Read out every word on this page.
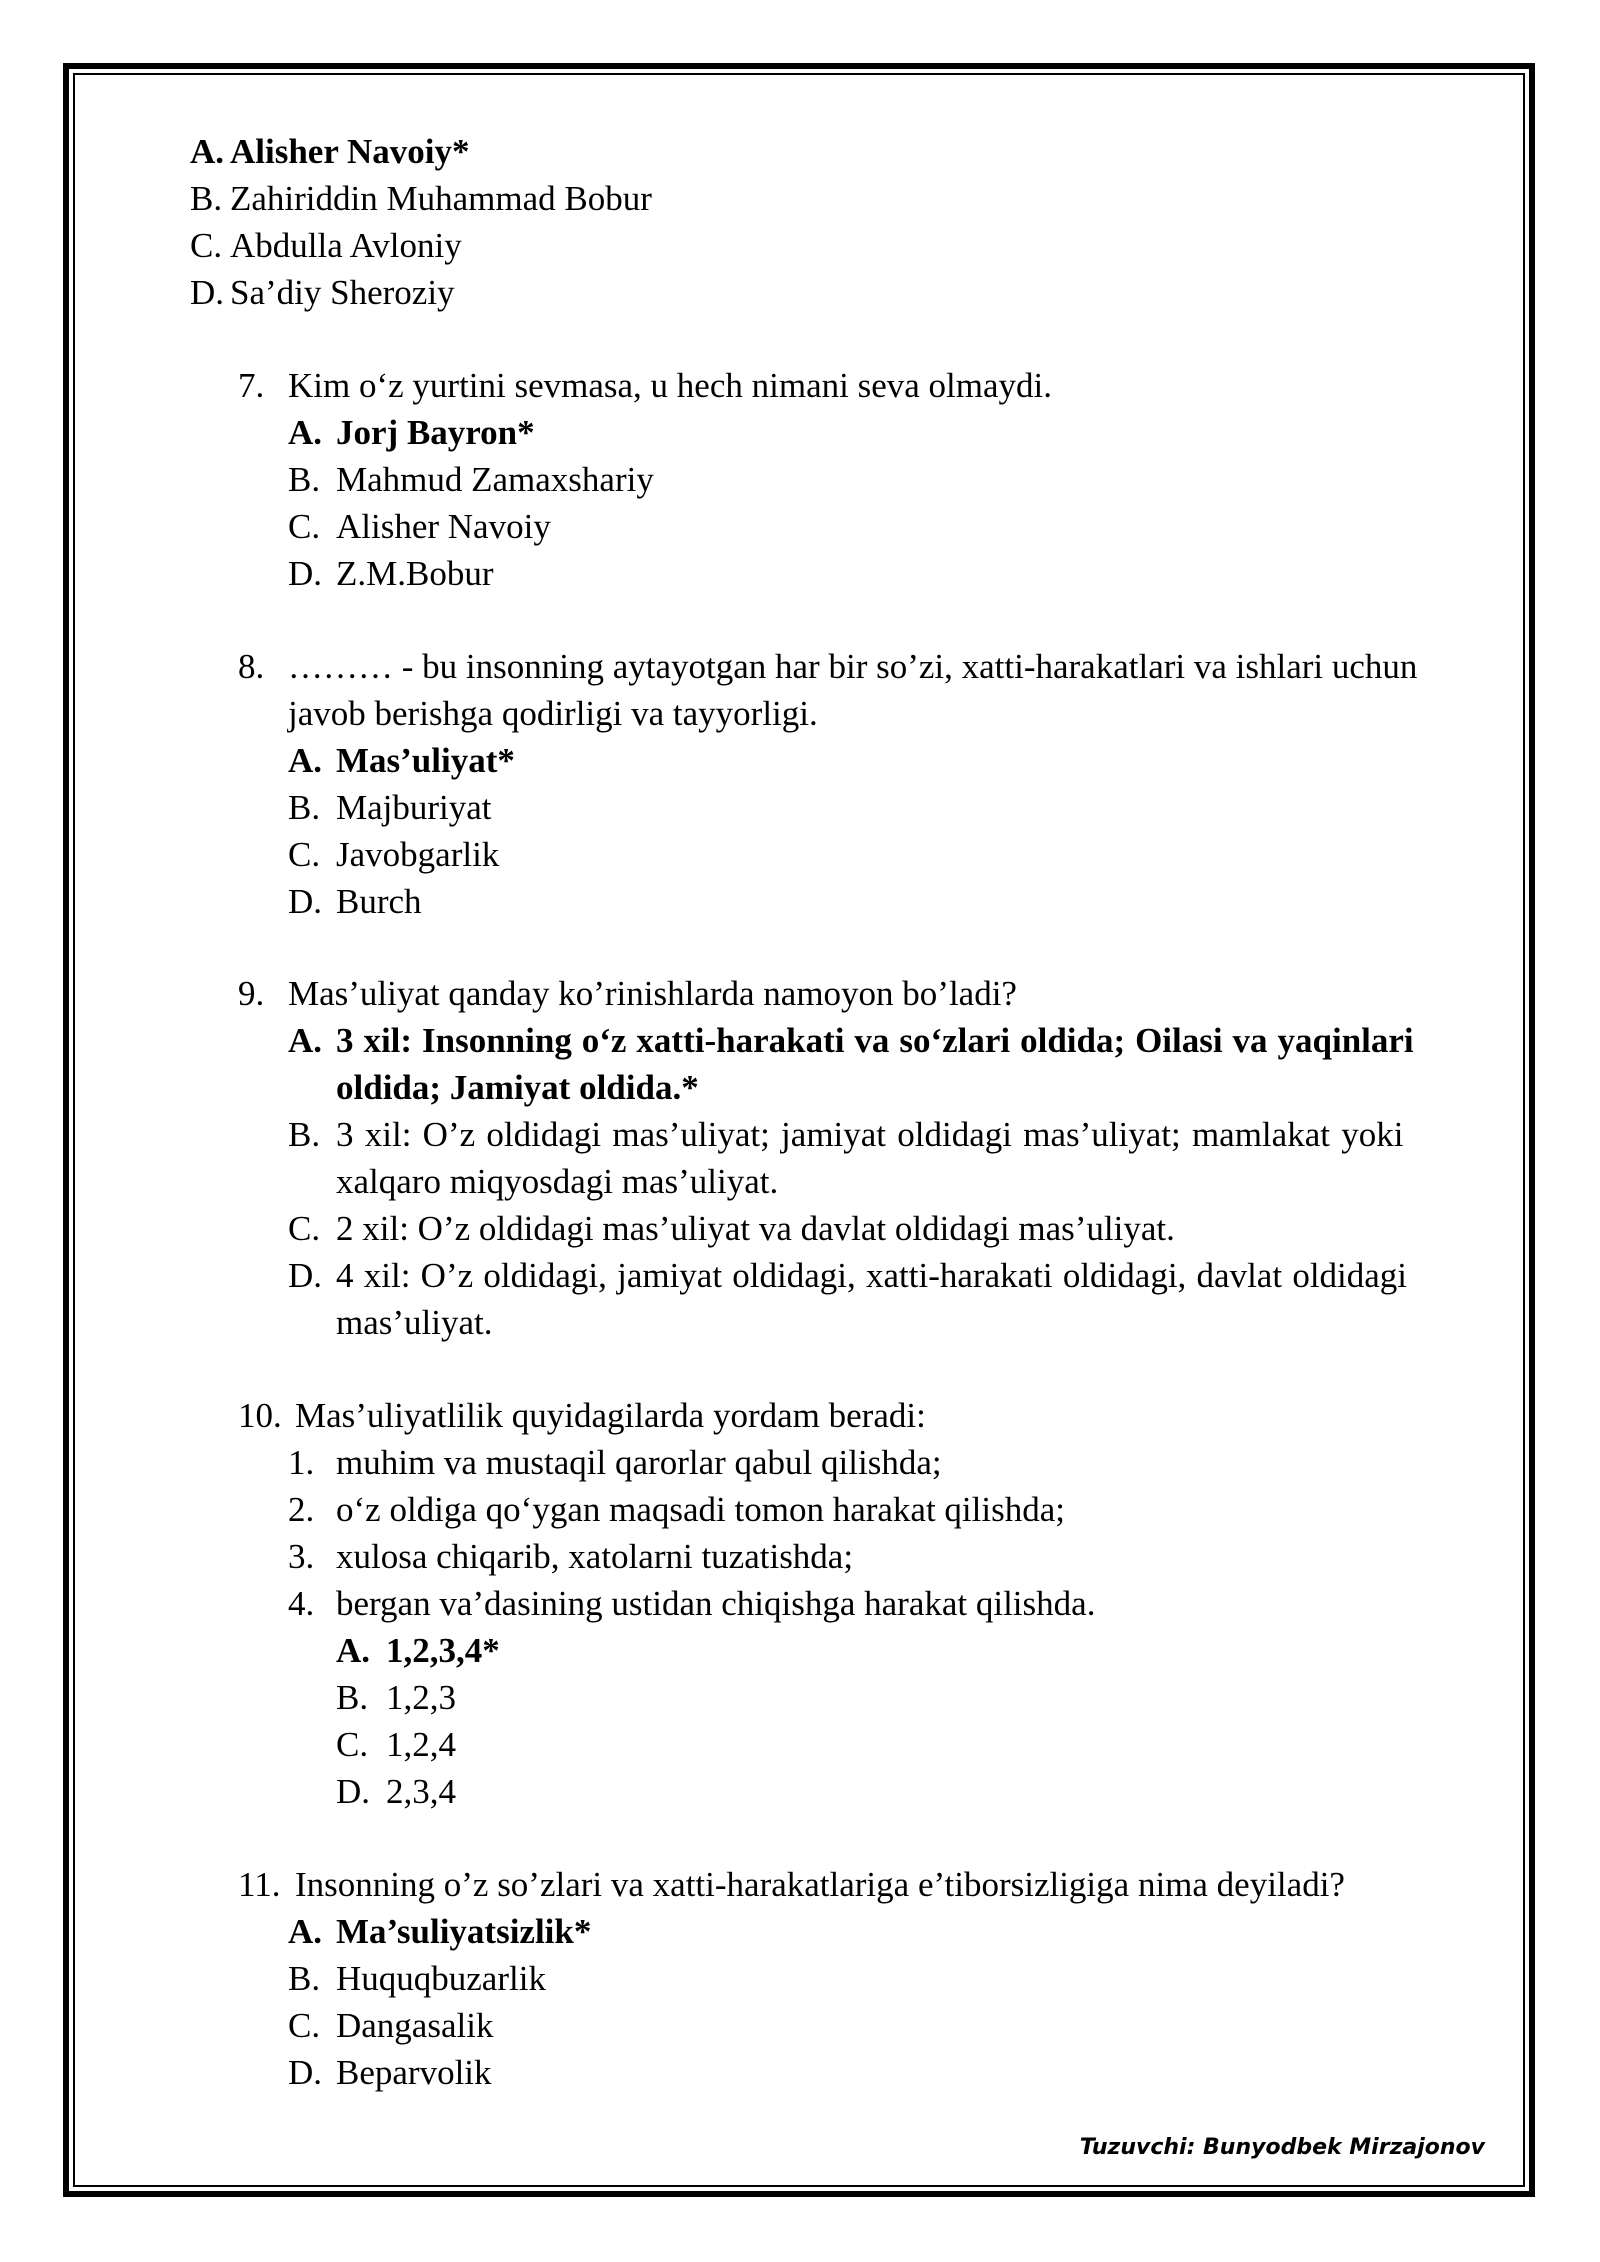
A. Alisher Navoiy*
B. Zahiriddin Muhammad Bobur
C. Abdulla Avloniy
D. Sa’diy Sheroziy
7. Kim o‘z yurtini sevmasa, u hech nimani seva olmaydi.
A. Jorj Bayron*
B. Mahmud Zamaxshariy
C. Alisher Navoiy
D. Z.M.Bobur
8. ……… - bu insonning aytayotgan har bir so’zi, xatti-harakatlari va ishlari uchun
javob berishga qodirligi va tayyorligi.
A. Mas’uliyat*
B. Majburiyat
C. Javobgarlik
D. Burch
9. Mas’uliyat qanday ko’rinishlarda namoyon bo’ladi?
A. 3 xil: Insonning o‘z xatti-harakati va so‘zlari oldida; Oilasi va yaqinlari
oldida; Jamiyat oldida.*
B. 3 xil: O’z oldidagi mas’uliyat; jamiyat oldidagi mas’uliyat; mamlakat yoki
xalqaro miqyosdagi mas’uliyat.
C. 2 xil: O’z oldidagi mas’uliyat va davlat oldidagi mas’uliyat.
D. 4 xil: O’z oldidagi, jamiyat oldidagi, xatti-harakati oldidagi, davlat oldidagi
mas’uliyat.
10. Mas’uliyatlilik quyidagilarda yordam beradi:
1. muhim va mustaqil qarorlar qabul qilishda;
2. o‘z oldiga qo‘ygan maqsadi tomon harakat qilishda;
3. xulosa chiqarib, xatolarni tuzatishda;
4. bergan va’dasining ustidan chiqishga harakat qilishda.
A. 1,2,3,4*
B. 1,2,3
C. 1,2,4
D. 2,3,4
11. Insonning o’z so’zlari va xatti-harakatlariga e’tiborsizligiga nima deyiladi?
A. Ma’suliyatsizlik*
B. Huquqbuzarlik
C. Dangasalik
D. Beparvolik
Tuzuvchi: Bunyodbek Mirzajonov
